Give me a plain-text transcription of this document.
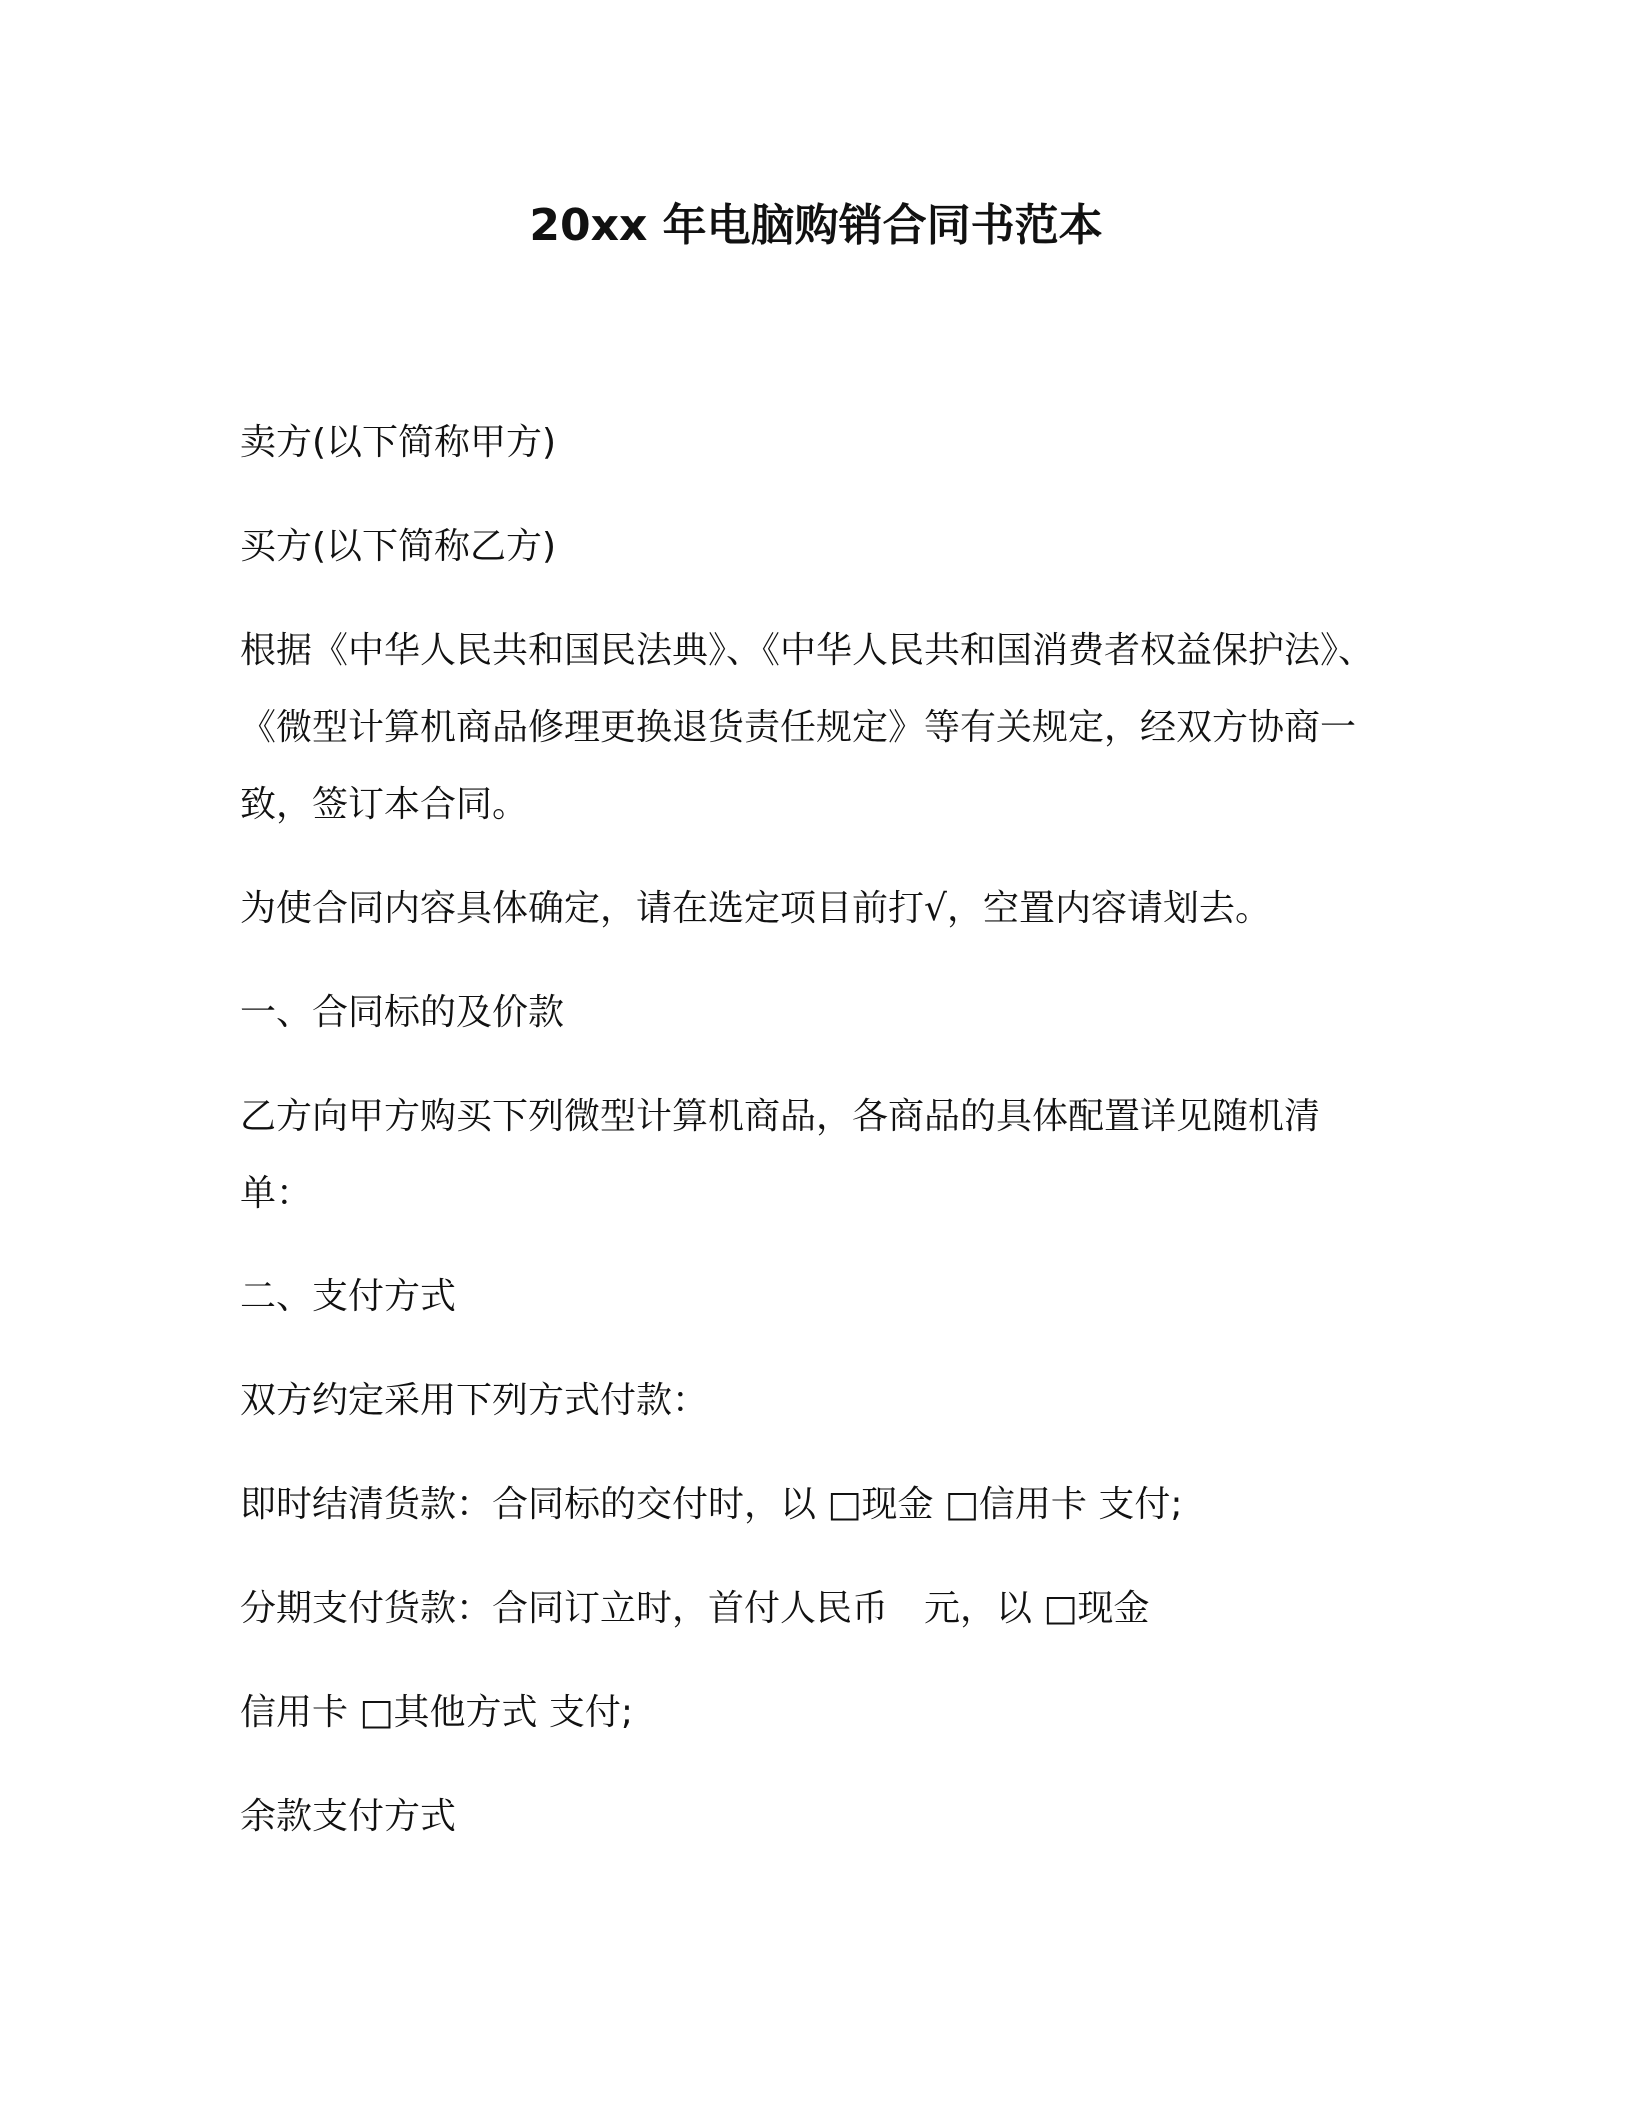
20xx 年电脑购销合同书范本
卖方(以下简称甲方)
买方(以下简称乙方)
根据《中华人民共和国民法典》、《中华人民共和国消费者权益保护法》、《微型计算机商品修理更换退货责任规定》等有关规定，经双方协商一致，签订本合同。
为使合同内容具体确定，请在选定项目前打√，空置内容请划去。
一、合同标的及价款
乙方向甲方购买下列微型计算机商品，各商品的具体配置详见随机清单：
二、支付方式
双方约定采用下列方式付款：
即时结清货款：合同标的交付时，以 □现金 □信用卡 支付;
分期支付货款：合同订立时，首付人民币　元，以 □现金
信用卡 □其他方式 支付;
余款支付方式
